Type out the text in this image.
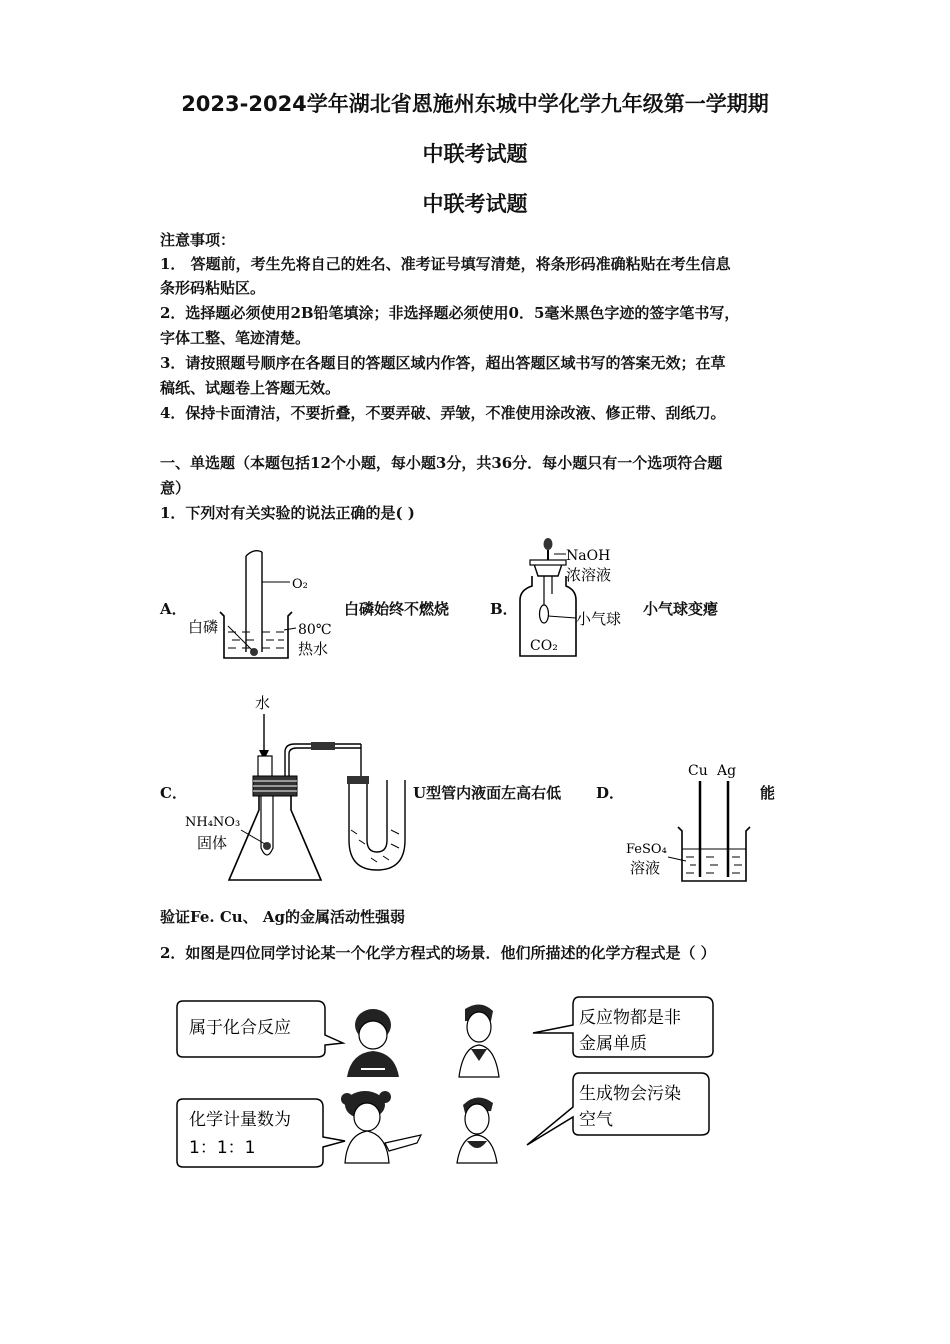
2023-2024学年湖北省恩施州东城中学化学九年级第一学期期
中联考试题
中联考试题
注意事项：
1． 答题前，考生先将自己的姓名、准考证号填写清楚，将条形码准确粘贴在考生信息
条形码粘贴区。
2．选择题必须使用2B铅笔填涂；非选择题必须使用0．5毫米黑色字迹的签字笔书写，
字体工整、笔迹清楚。
3．请按照题号顺序在各题目的答题区域内作答，超出答题区域书写的答案无效；在草
稿纸、试题卷上答题无效。
4．保持卡面清洁，不要折叠，不要弄破、弄皱，不准使用涂改液、修正带、刮纸刀。
一、单选题（本题包括12个小题，每小题3分，共36分．每小题只有一个选项符合题
意）
1．下列对有关实验的说法正确的是( )
A．
O₂
白磷	80℃
热水
白磷始终不燃烧	B．
NaOH
浓溶液
小气球
CO₂
小气球变瘪
C．
水
NH₄NO₃
固体
U型管内液面左高右低 D．
Cu Ag
FeSO₄
溶液
能
验证Fe. Cu、 Ag的金属活动性强弱
2．如图是四位同学讨论某一个化学方程式的场景．他们所描述的化学方程式是（ ）
属于化合反应	反应物都是非
金属单质
化学计量数为
1：1：1
生成物会污染
空气
